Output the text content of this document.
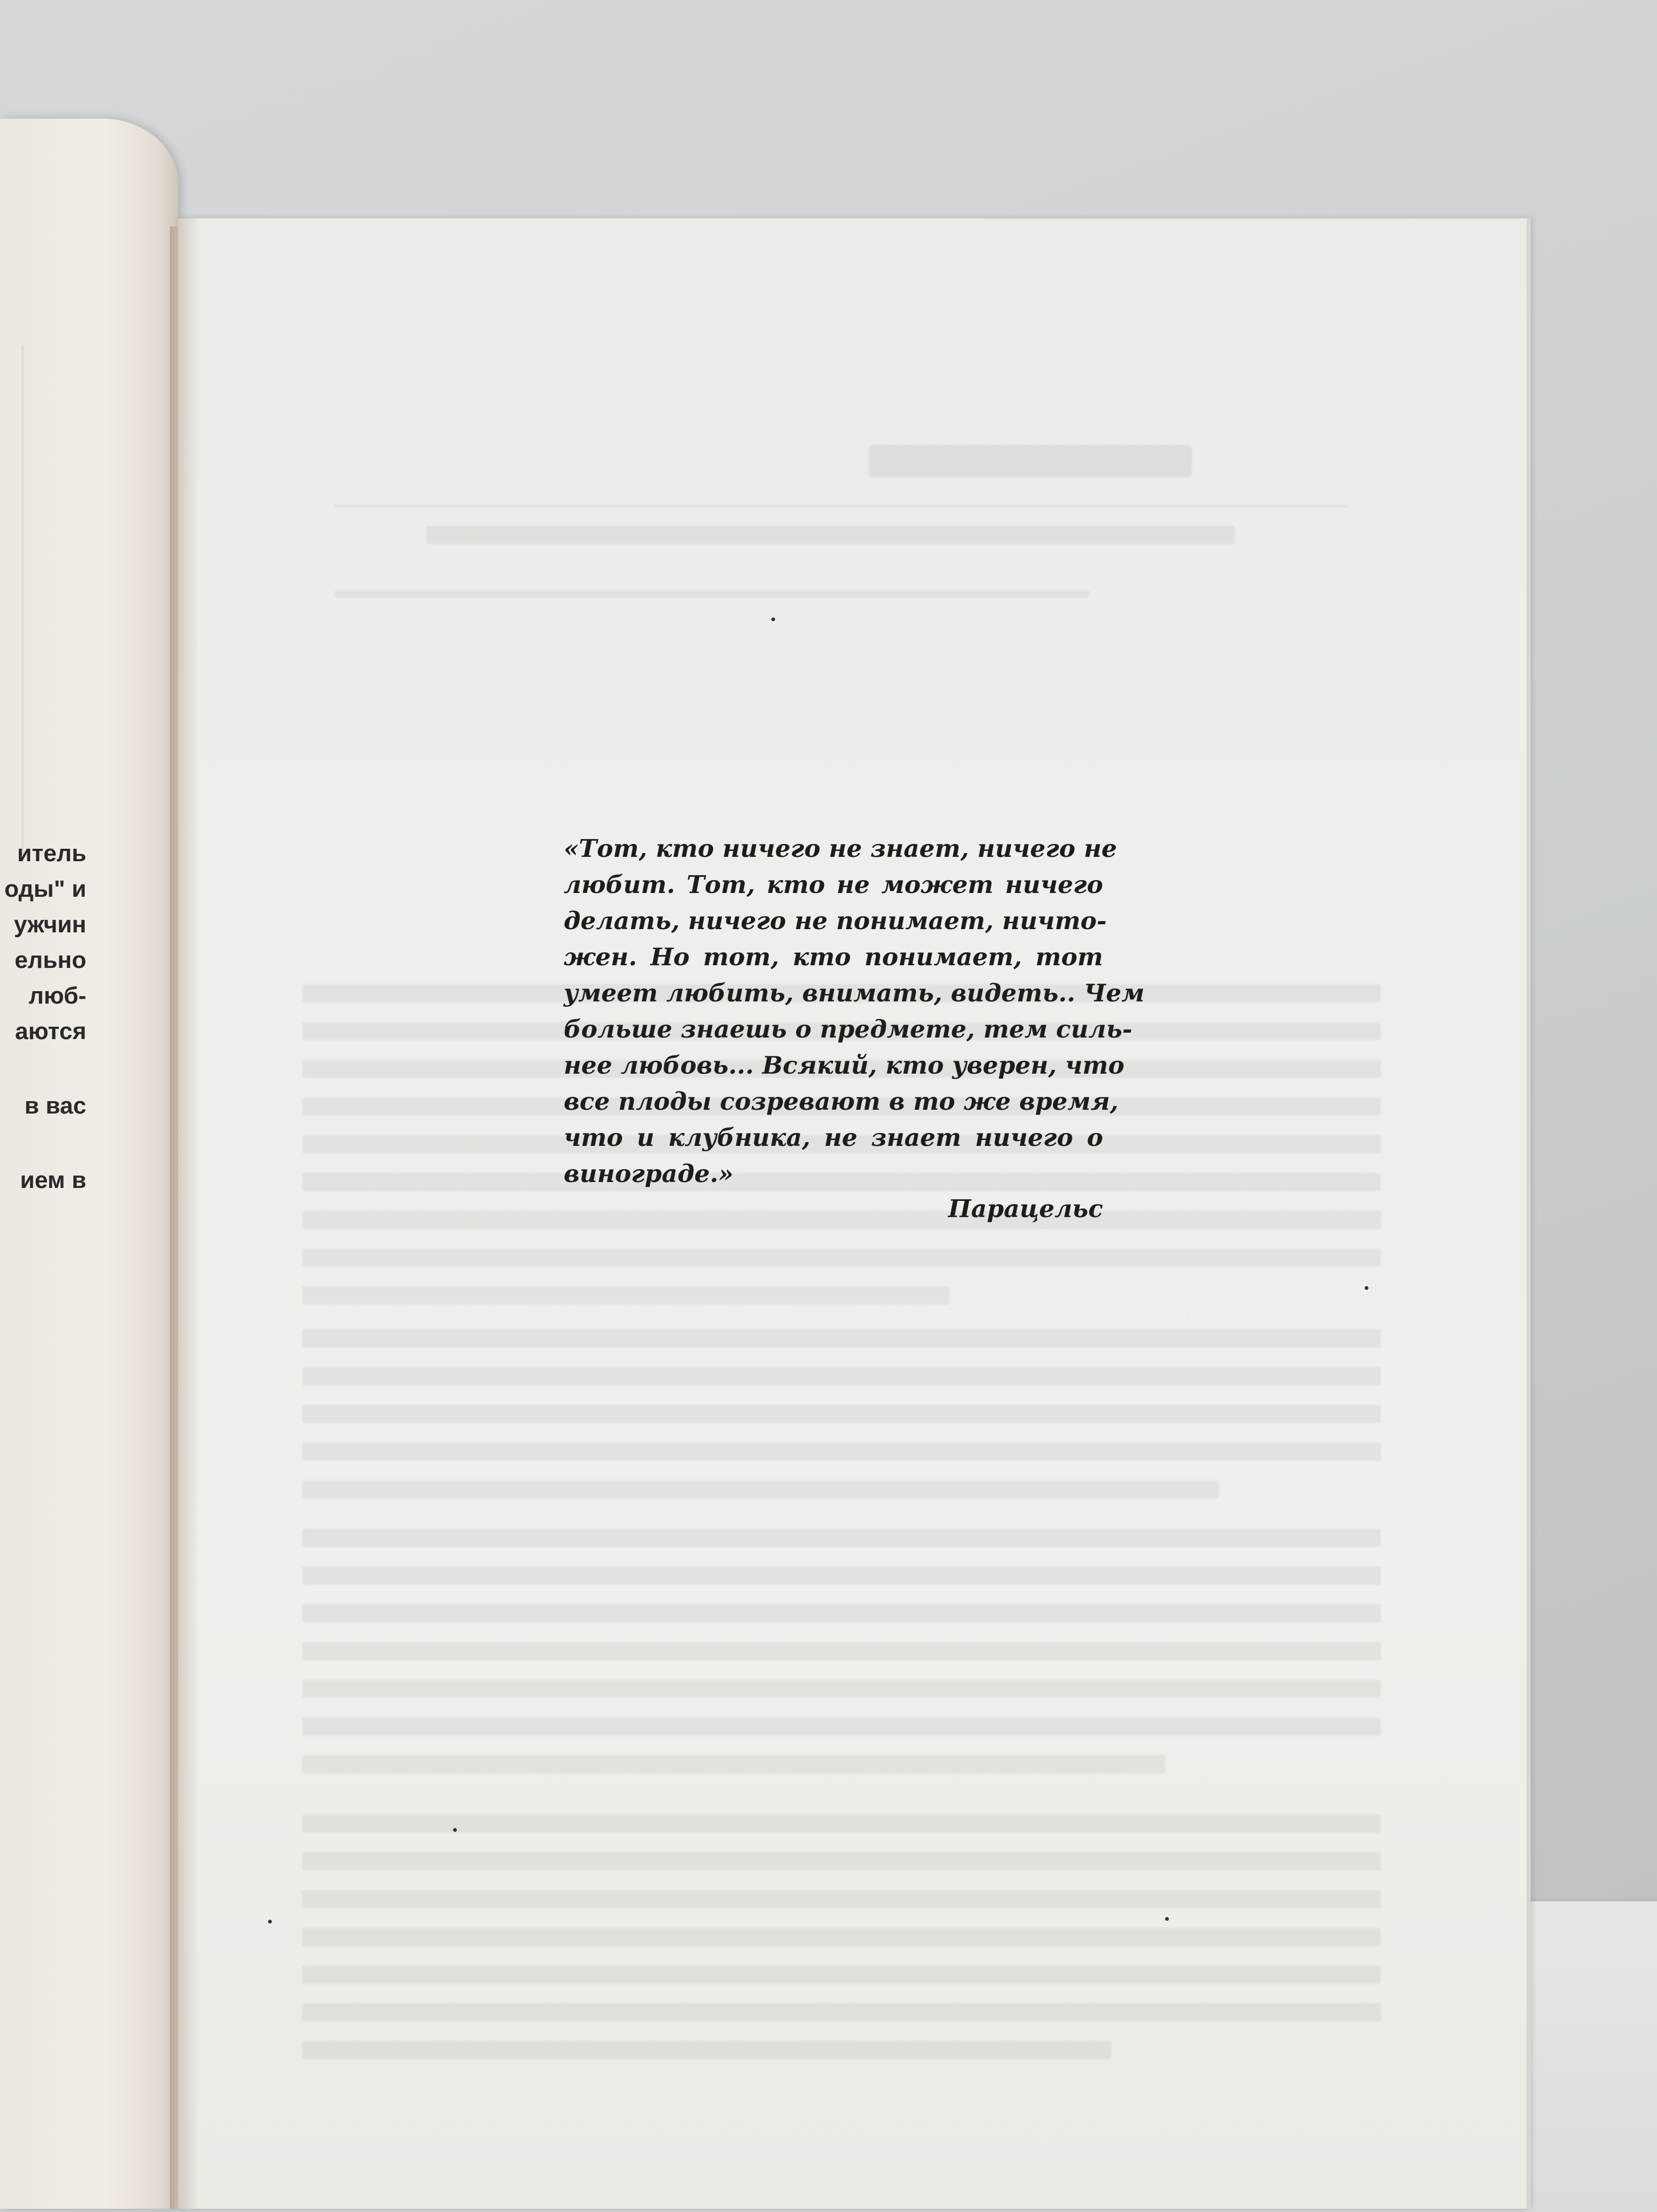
итель
оды" и
ужчин
ельно
люб-
аются
в вас
ием в
«Тот, кто ничего не знает, ничего не
любит. Тот, кто не может ничего
делать, ничего не понимает, ничто-
жен. Но тот, кто понимает, тот
умеет любить, внимать, видеть.. Чем
больше знаешь о предмете, тем силь-
нее любовь... Всякий, кто уверен, что
все плоды созревают в то же время,
что и клубника, не знает ничего о
винограде.»
Парацельс
